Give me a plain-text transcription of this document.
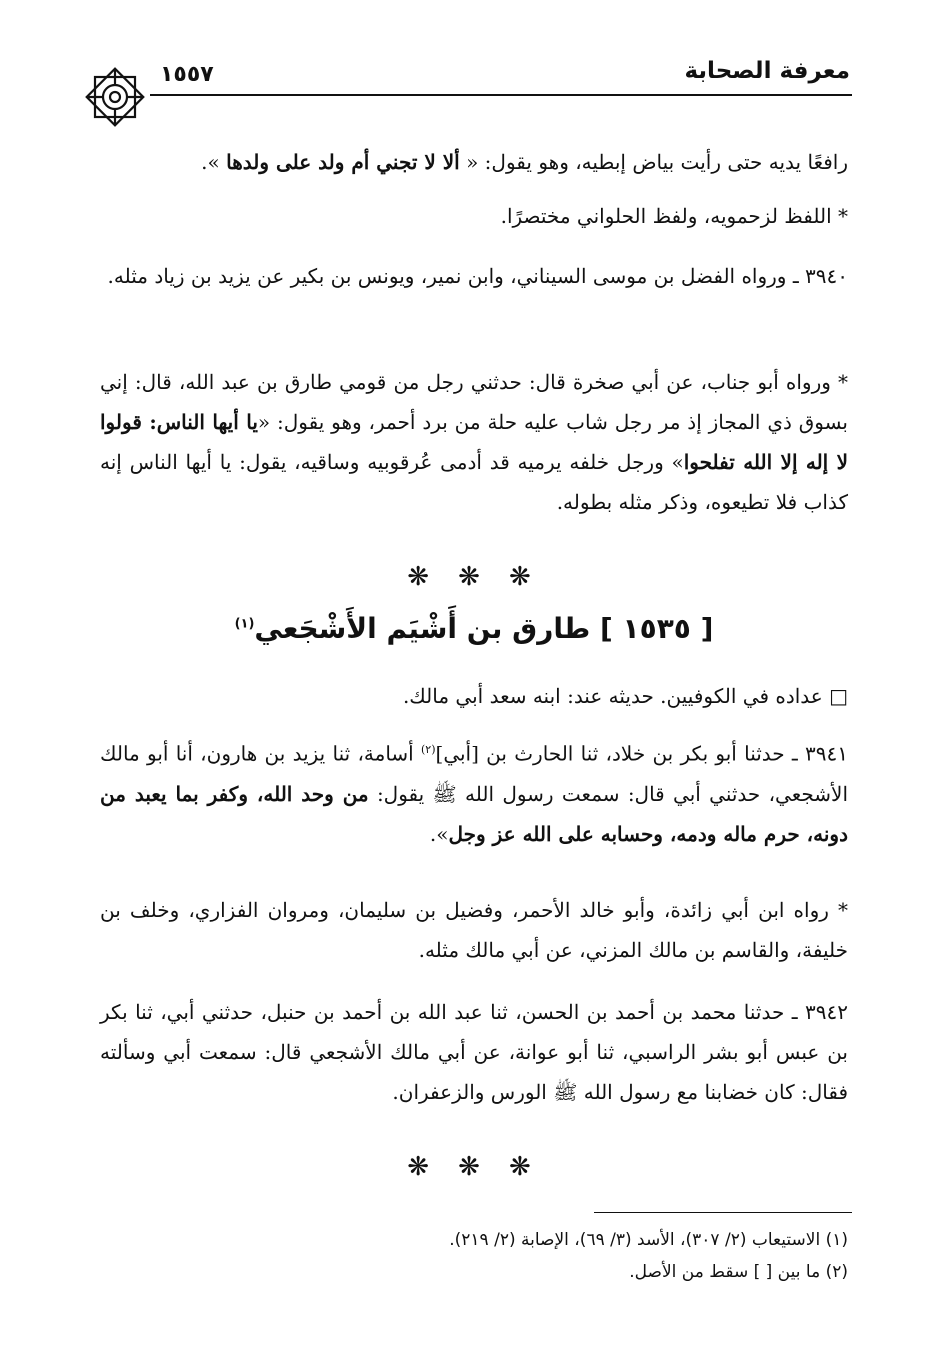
معرفة الصحابة
١٥٥٧
رافعًا يديه حتى رأيت بياض إبطيه، وهو يقول: « ألا لا تجني أم ولد على ولدها ».
* اللفظ لزحمويه، ولفظ الحلواني مختصرًا.
٣٩٤٠ ـ ورواه الفضل بن موسى السيناني، وابن نمير، ويونس بن بكير عن يزيد بن زياد مثله.
* ورواه أبو جناب، عن أبي صخرة قال: حدثني رجل من قومي طارق بن عبد الله، قال: إني بسوق ذي المجاز إذ مر رجل شاب عليه حلة من برد أحمر، وهو يقول: «يا أيها الناس: قولوا لا إله إلا الله تفلحوا» ورجل خلفه يرميه قد أدمى عُرقوبيه وساقيه، يقول: يا أيها الناس إنه كذاب فلا تطيعوه، وذكر مثله بطوله.
❋ ❋ ❋
[ ١٥٣٥ ] طارق بن أَشْيَم الأَشْجَعي$^{(١)}$
□ عداده في الكوفيين. حديثه عند: ابنه سعد أبي مالك.
٣٩٤١ ـ حدثنا أبو بكر بن خلاد، ثنا الحارث بن [أبي]$^{(٢)}$ أسامة، ثنا يزيد بن هارون، أنا أبو مالك الأشجعي، حدثني أبي قال: سمعت رسول الله ﷺ يقول: من وحد الله، وكفر بما يعبد من دونه، حرم ماله ودمه، وحسابه على الله عز وجل».
* رواه ابن أبي زائدة، وأبو خالد الأحمر، وفضيل بن سليمان، ومروان الفزاري، وخلف بن خليفة، والقاسم بن مالك المزني، عن أبي مالك مثله.
٣٩٤٢ ـ حدثنا محمد بن أحمد بن الحسن، ثنا عبد الله بن أحمد بن حنبل، حدثني أبي، ثنا بكر بن عبس أبو بشر الراسبي، ثنا أبو عوانة، عن أبي مالك الأشجعي قال: سمعت أبي وسألته فقال: كان خضابنا مع رسول الله ﷺ الورس والزعفران.
❋ ❋ ❋
(١) الاستيعاب (٢/ ٣٠٧)، الأسد (٣/ ٦٩)، الإصابة (٢/ ٢١٩).
(٢) ما بين [ ] سقط من الأصل.
